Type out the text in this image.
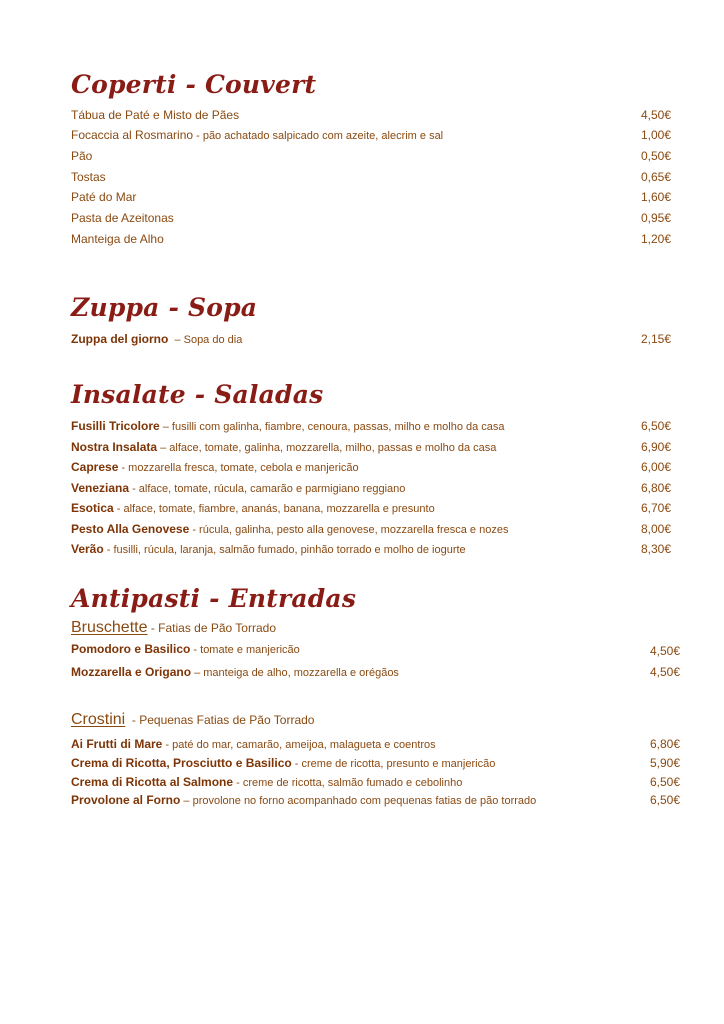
Coperti - Couvert
Tábua de Paté e Misto de Pães	4,50€
Focaccia al Rosmarino - pão achatado salpicado com azeite, alecrim e sal	1,00€
Pão	0,50€
Tostas	0,65€
Paté do Mar	1,60€
Pasta de Azeitonas	0,95€
Manteiga de Alho	1,20€
Zuppa - Sopa
Zuppa del giorno  – Sopa do dia	2,15€
Insalate - Saladas
Fusilli Tricolore – fusilli com galinha, fiambre, cenoura, passas, milho e molho da casa	6,50€
Nostra Insalata – alface, tomate, galinha, mozzarella, milho, passas e molho da casa	6,90€
Caprese - mozzarella fresca, tomate, cebola e manjericão	6,00€
Veneziana - alface, tomate, rúcula, camarão e parmigiano reggiano	6,80€
Esotica - alface, tomate, fiambre, ananás, banana, mozzarella e presunto	6,70€
Pesto Alla Genovese - rúcula, galinha, pesto alla genovese, mozzarella fresca e nozes	8,00€
Verão - fusilli, rúcula, laranja, salmão fumado, pinhão torrado e molho de iogurte	8,30€
Antipasti - Entradas
Bruschette - Fatias de Pão Torrado
Pomodoro e Basilico - tomate e manjericão	4,50€
Mozzarella e Origano – manteiga de alho, mozzarella e orégãos	4,50€
Crostini  - Pequenas Fatias de Pão Torrado
Ai Frutti di Mare - paté do mar, camarão, ameijoa, malagueta e coentros	6,80€
Crema di Ricotta, Prosciutto e Basilico - creme de ricotta, presunto e manjericão	5,90€
Crema di Ricotta al Salmone - creme de ricotta, salmão fumado e cebolinho	6,50€
Provolone al Forno – provolone no forno acompanhado com pequenas fatias de pão torrado	6,50€
